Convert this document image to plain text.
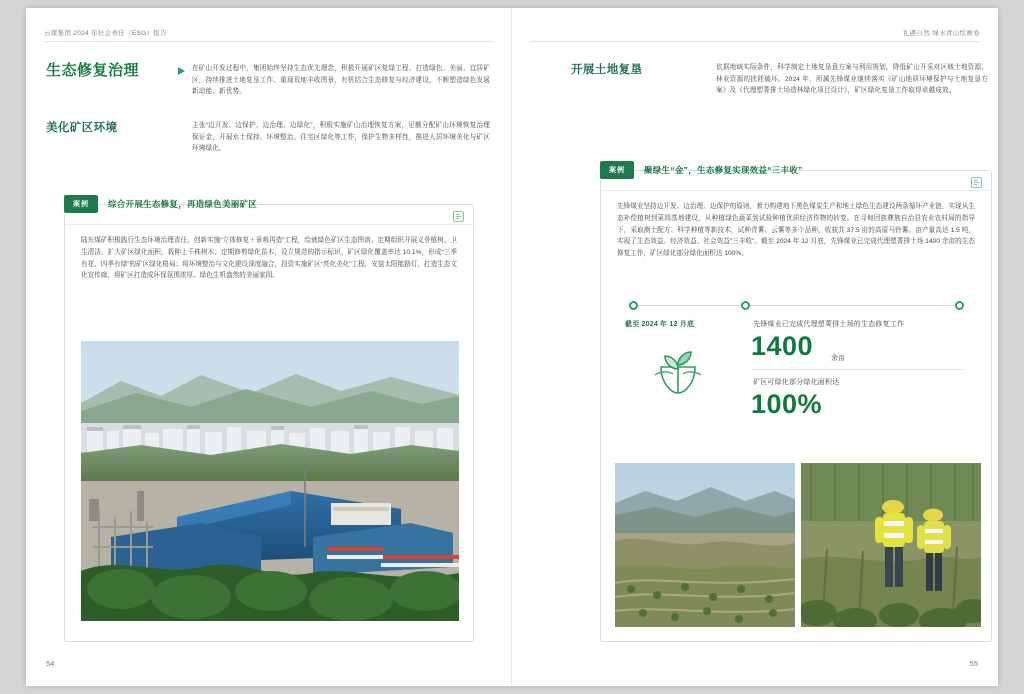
云煤集团 2024 年社会责任（ESG）报告
生态修复治理
美化矿区环境
在矿山开发过程中，集团始终坚持生态优先理念，积极开展矿区复绿工程、打造绿色、美丽、宜居矿区，持续推进土地复垦工作、重现荒地丰收图景，有机结合生态修复与经济建设，不断塑造绿色发展新动能、新优势。
主张“边开发、边保护、边治理、边绿化”，积极实施矿山治理恢复方案，足额分配矿山环境恢复治理保证金，开展水土保持、环境整治、住宅区绿化等工作，保护生物多样性，推进人居环境美化与矿区环境绿化。
案例	综合开展生态修复，再造绿色美丽矿区
陆东煤矿积极践行生态环境治理责任，创新实施“立体修复＋景观再造”工程，绘就绿色矿区生态图谱。定期组织开展义务植树、卫生清洁。扩大矿区绿化面积，栽种上千株树木；定期修剪绿化苗木，设立规范的指示标识，矿区绿化覆盖率达 10.1%，形成“三季有花、四季有绿”的矿区绿化格局；将环境整治与文化建设深度融合，投资实施矿区“亮化美化”工程，安装太阳能路灯，打造生态文化宣传廊，将矿区打造成环保氛围浓厚、绿色生机盎然的美丽家园。
54
礼遇自然·绿水青山绘画卷
开展土地复垦	依据地域实际条件，科学制定土地复垦意方案与利用规划，降低矿山开采对区域土地资源、林业资源的扰耗破坏。2024 年，所属先锋煤业继续落实《矿山地质环境保护与土地复垦方案》及《代理塑菁排土场造林绿化项目设计》，矿区绿化复垦工作取得卓越成效。
案例	聚绿生“金”，生态修复实现效益“三丰收”
先锋煤业坚持边开发、边治理、边保护的原则，着力构建地下黑色煤炭生产和地上绿色生态建设两条循环产业链，实现从生态补偿植树到菜园基地建设，从种植绿色蔬菜到试验种植优质经济作物的转变。在寻甸回族彝族自治县农业农村局的指导下，采取测土配方、科学种植等新技术，试种青薯、云薯等多个品种，收获共 37.5 亩的高原马铃薯。亩产量高达 1.5 吨，实现了生态效益、经济效益、社会效益“三丰收”。截至 2024 年 12 月底，先锋煤业已完成代理塑菁排土场 1400 余亩的生态修复工作，矿区绿化部分绿化面积达 100%。
截至 2024 年 12 月底	先锋煤业已完成代理塑菁排土场的生态修复工作
1400	余亩
矿区可绿化部分绿化面积达
100%
55
